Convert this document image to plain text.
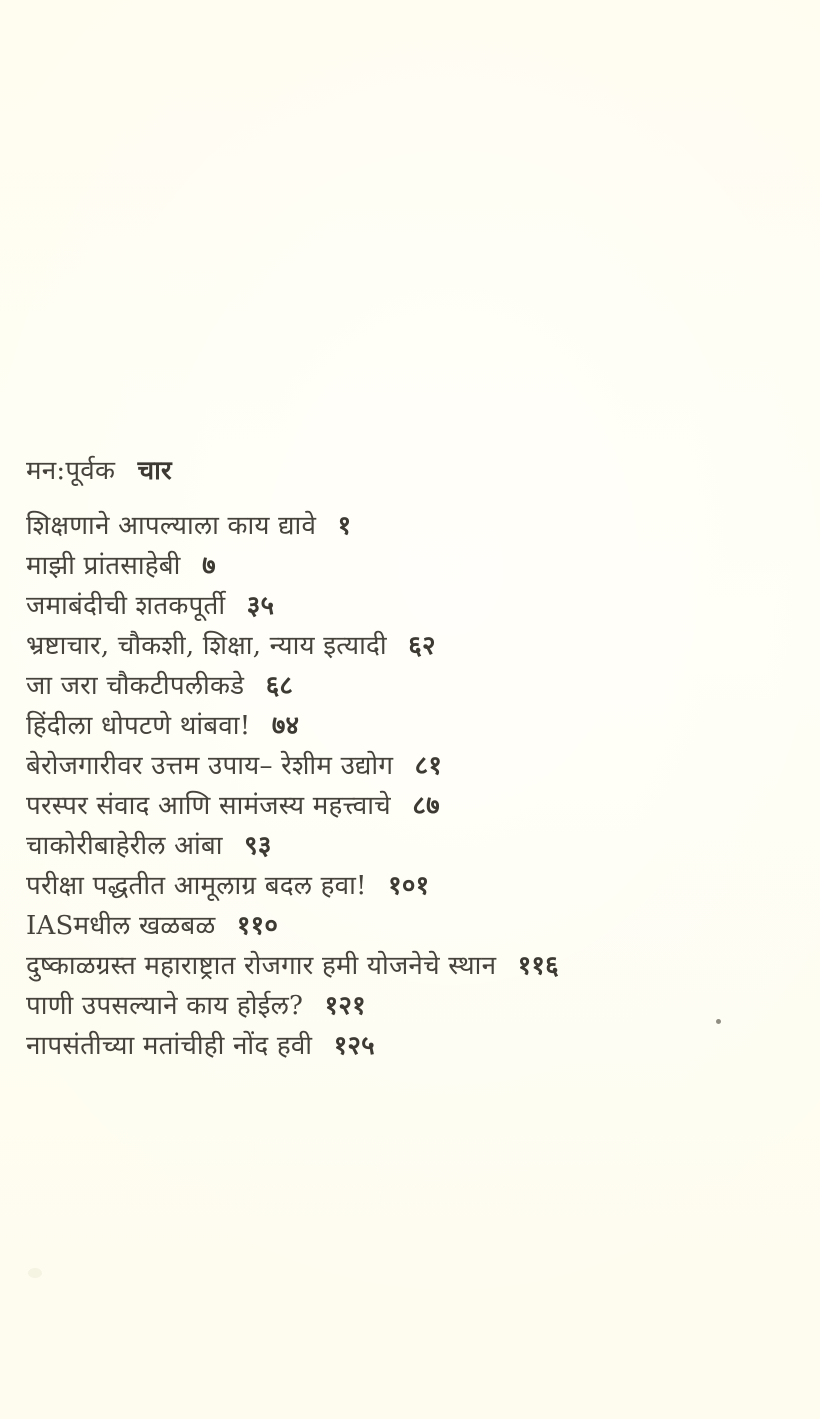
मन:पूर्वक चार
शिक्षणाने आपल्याला काय द्यावे १
माझी प्रांतसाहेबी ७
जमाबंदीची शतकपूर्ती ३५
भ्रष्टाचार, चौकशी, शिक्षा, न्याय इत्यादी ६२
जा जरा चौकटीपलीकडे ६८
हिंदीला धोपटणे थांबवा! ७४
बेरोजगारीवर उत्तम उपाय– रेशीम उद्योग ८१
परस्पर संवाद आणि सामंजस्य महत्त्वाचे ८७
चाकोरीबाहेरील आंबा ९३
परीक्षा पद्धतीत आमूलाग्र बदल हवा! १०१
IASमधील खळबळ ११०
दुष्काळग्रस्त महाराष्ट्रात रोजगार हमी योजनेचे स्थान ११६
पाणी उपसल्याने काय होईल? १२१
नापसंतीच्या मतांचीही नोंद हवी १२५
